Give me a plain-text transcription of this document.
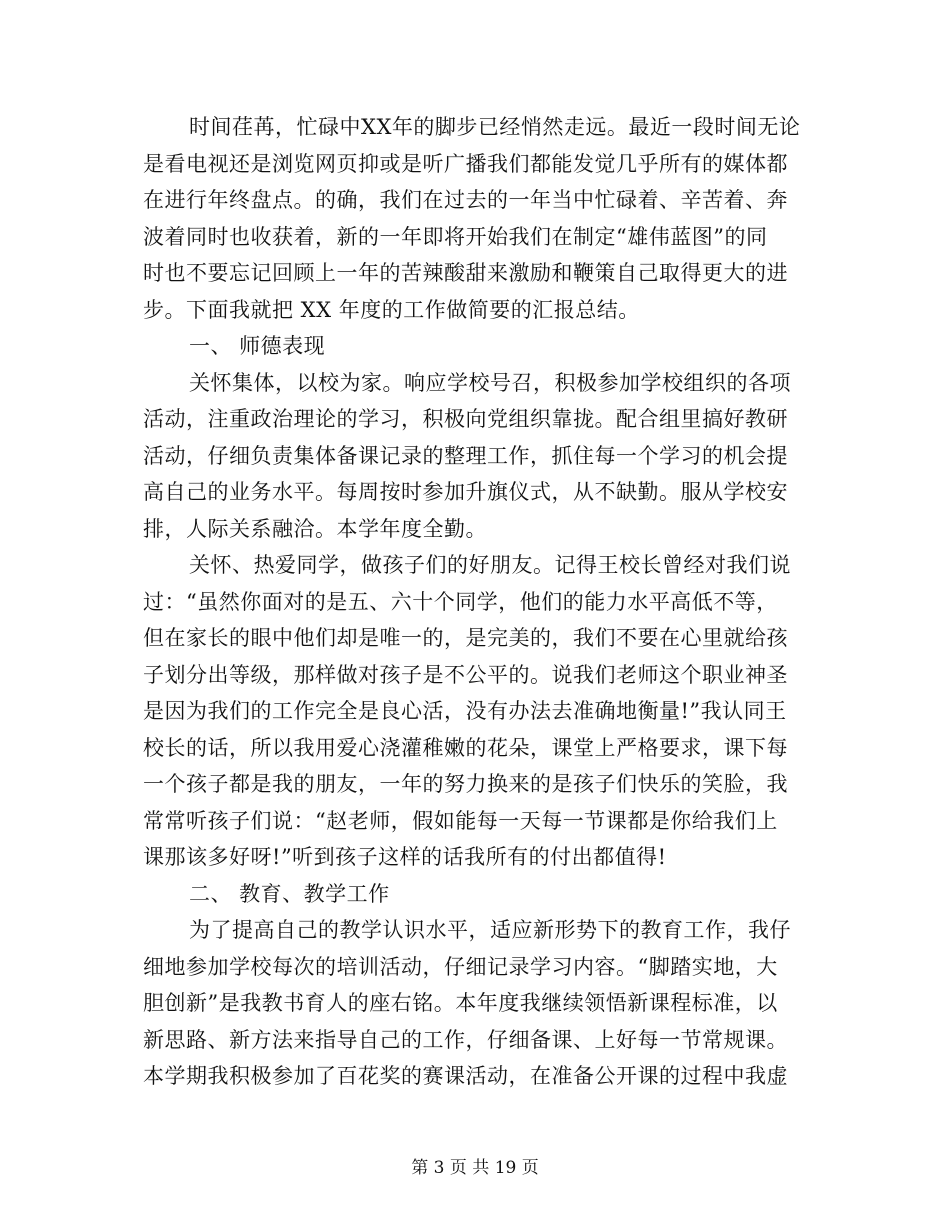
时间荏苒，忙碌中XX年的脚步已经悄然走远。最近一段时间无论
是看电视还是浏览网页抑或是听广播我们都能发觉几乎所有的媒体都
在进行年终盘点。的确，我们在过去的一年当中忙碌着、辛苦着、奔
波着同时也收获着，新的一年即将开始我们在制定“雄伟蓝图”的同
时也不要忘记回顾上一年的苦辣酸甜来激励和鞭策自己取得更大的进
步。下面我就把 XX 年度的工作做简要的汇报总结。
一、 师德表现
关怀集体，以校为家。响应学校号召，积极参加学校组织的各项
活动，注重政治理论的学习，积极向党组织靠拢。配合组里搞好教研
活动，仔细负责集体备课记录的整理工作，抓住每一个学习的机会提
高自己的业务水平。每周按时参加升旗仪式，从不缺勤。服从学校安
排，人际关系融洽。本学年度全勤。
关怀、热爱同学，做孩子们的好朋友。记得王校长曾经对我们说
过：“虽然你面对的是五、六十个同学，他们的能力水平高低不等，
但在家长的眼中他们却是唯一的，是完美的，我们不要在心里就给孩
子划分出等级，那样做对孩子是不公平的。说我们老师这个职业神圣
是因为我们的工作完全是良心活，没有办法去准确地衡量!”我认同王
校长的话，所以我用爱心浇灌稚嫩的花朵，课堂上严格要求，课下每
一个孩子都是我的朋友，一年的努力换来的是孩子们快乐的笑脸，我
常常听孩子们说：“赵老师，假如能每一天每一节课都是你给我们上
课那该多好呀!”听到孩子这样的话我所有的付出都值得!
二、 教育、教学工作
为了提高自己的教学认识水平，适应新形势下的教育工作，我仔
细地参加学校每次的培训活动，仔细记录学习内容。“脚踏实地，大
胆创新”是我教书育人的座右铭。本年度我继续领悟新课程标准，以
新思路、新方法来指导自己的工作，仔细备课、上好每一节常规课。
本学期我积极参加了百花奖的赛课活动，在准备公开课的过程中我虚
第 3 页 共 19 页
